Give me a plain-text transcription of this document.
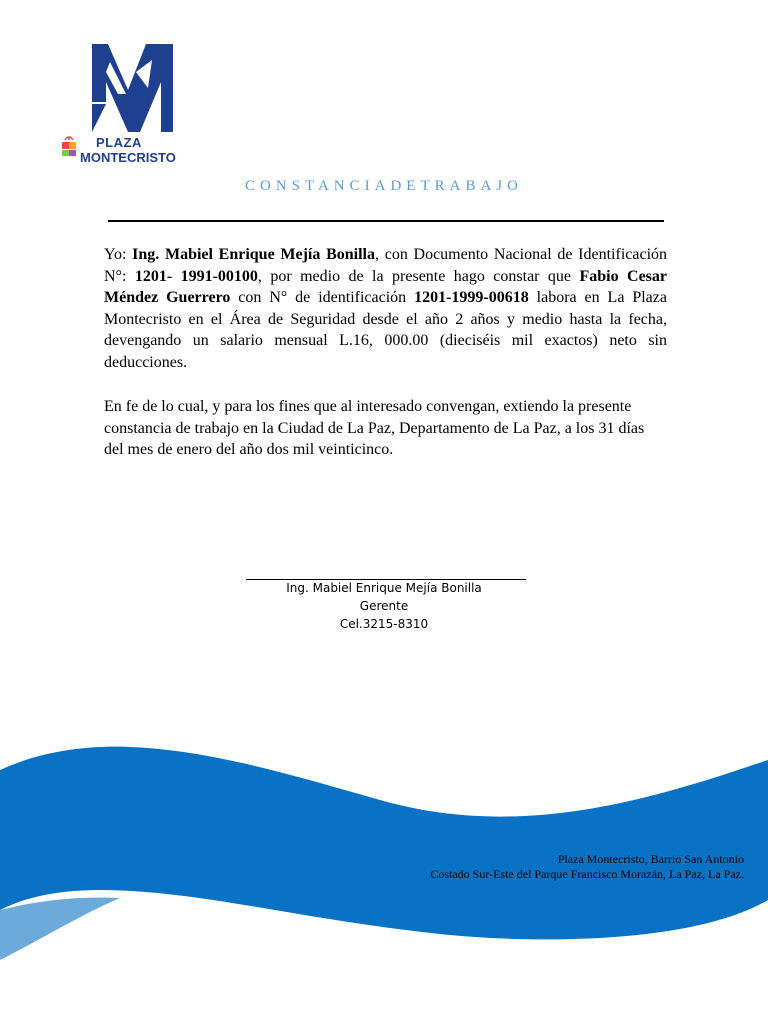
PLAZA
MONTECRISTO
CONSTANCIADETRABAJO

Yo: Ing. Mabiel Enrique Mejía Bonilla, con Documento Nacional de Identificación N°: 1201- 1991-00100, por medio de la presente hago constar que Fabio Cesar Méndez Guerrero con N° de identificación 1201-1999-00618 labora en La Plaza Montecristo en el Área de Seguridad desde el año 2 años y medio hasta la fecha, devengando un salario mensual L.16, 000.00 (dieciséis mil exactos) neto sin deducciones.

En fe de lo cual, y para los fines que al interesado convengan, extiendo la presente constancia de trabajo en la Ciudad de La Paz, Departamento de La Paz, a los 31 días del mes de enero del año dos mil veinticinco.

Ing. Mabiel Enrique Mejía Bonilla
Gerente
Cel.3215-8310
Plaza Montecristo, Barrio San Antonio
Costado Sur-Este del Parque Francisco Morazán, La Paz, La Paz.
